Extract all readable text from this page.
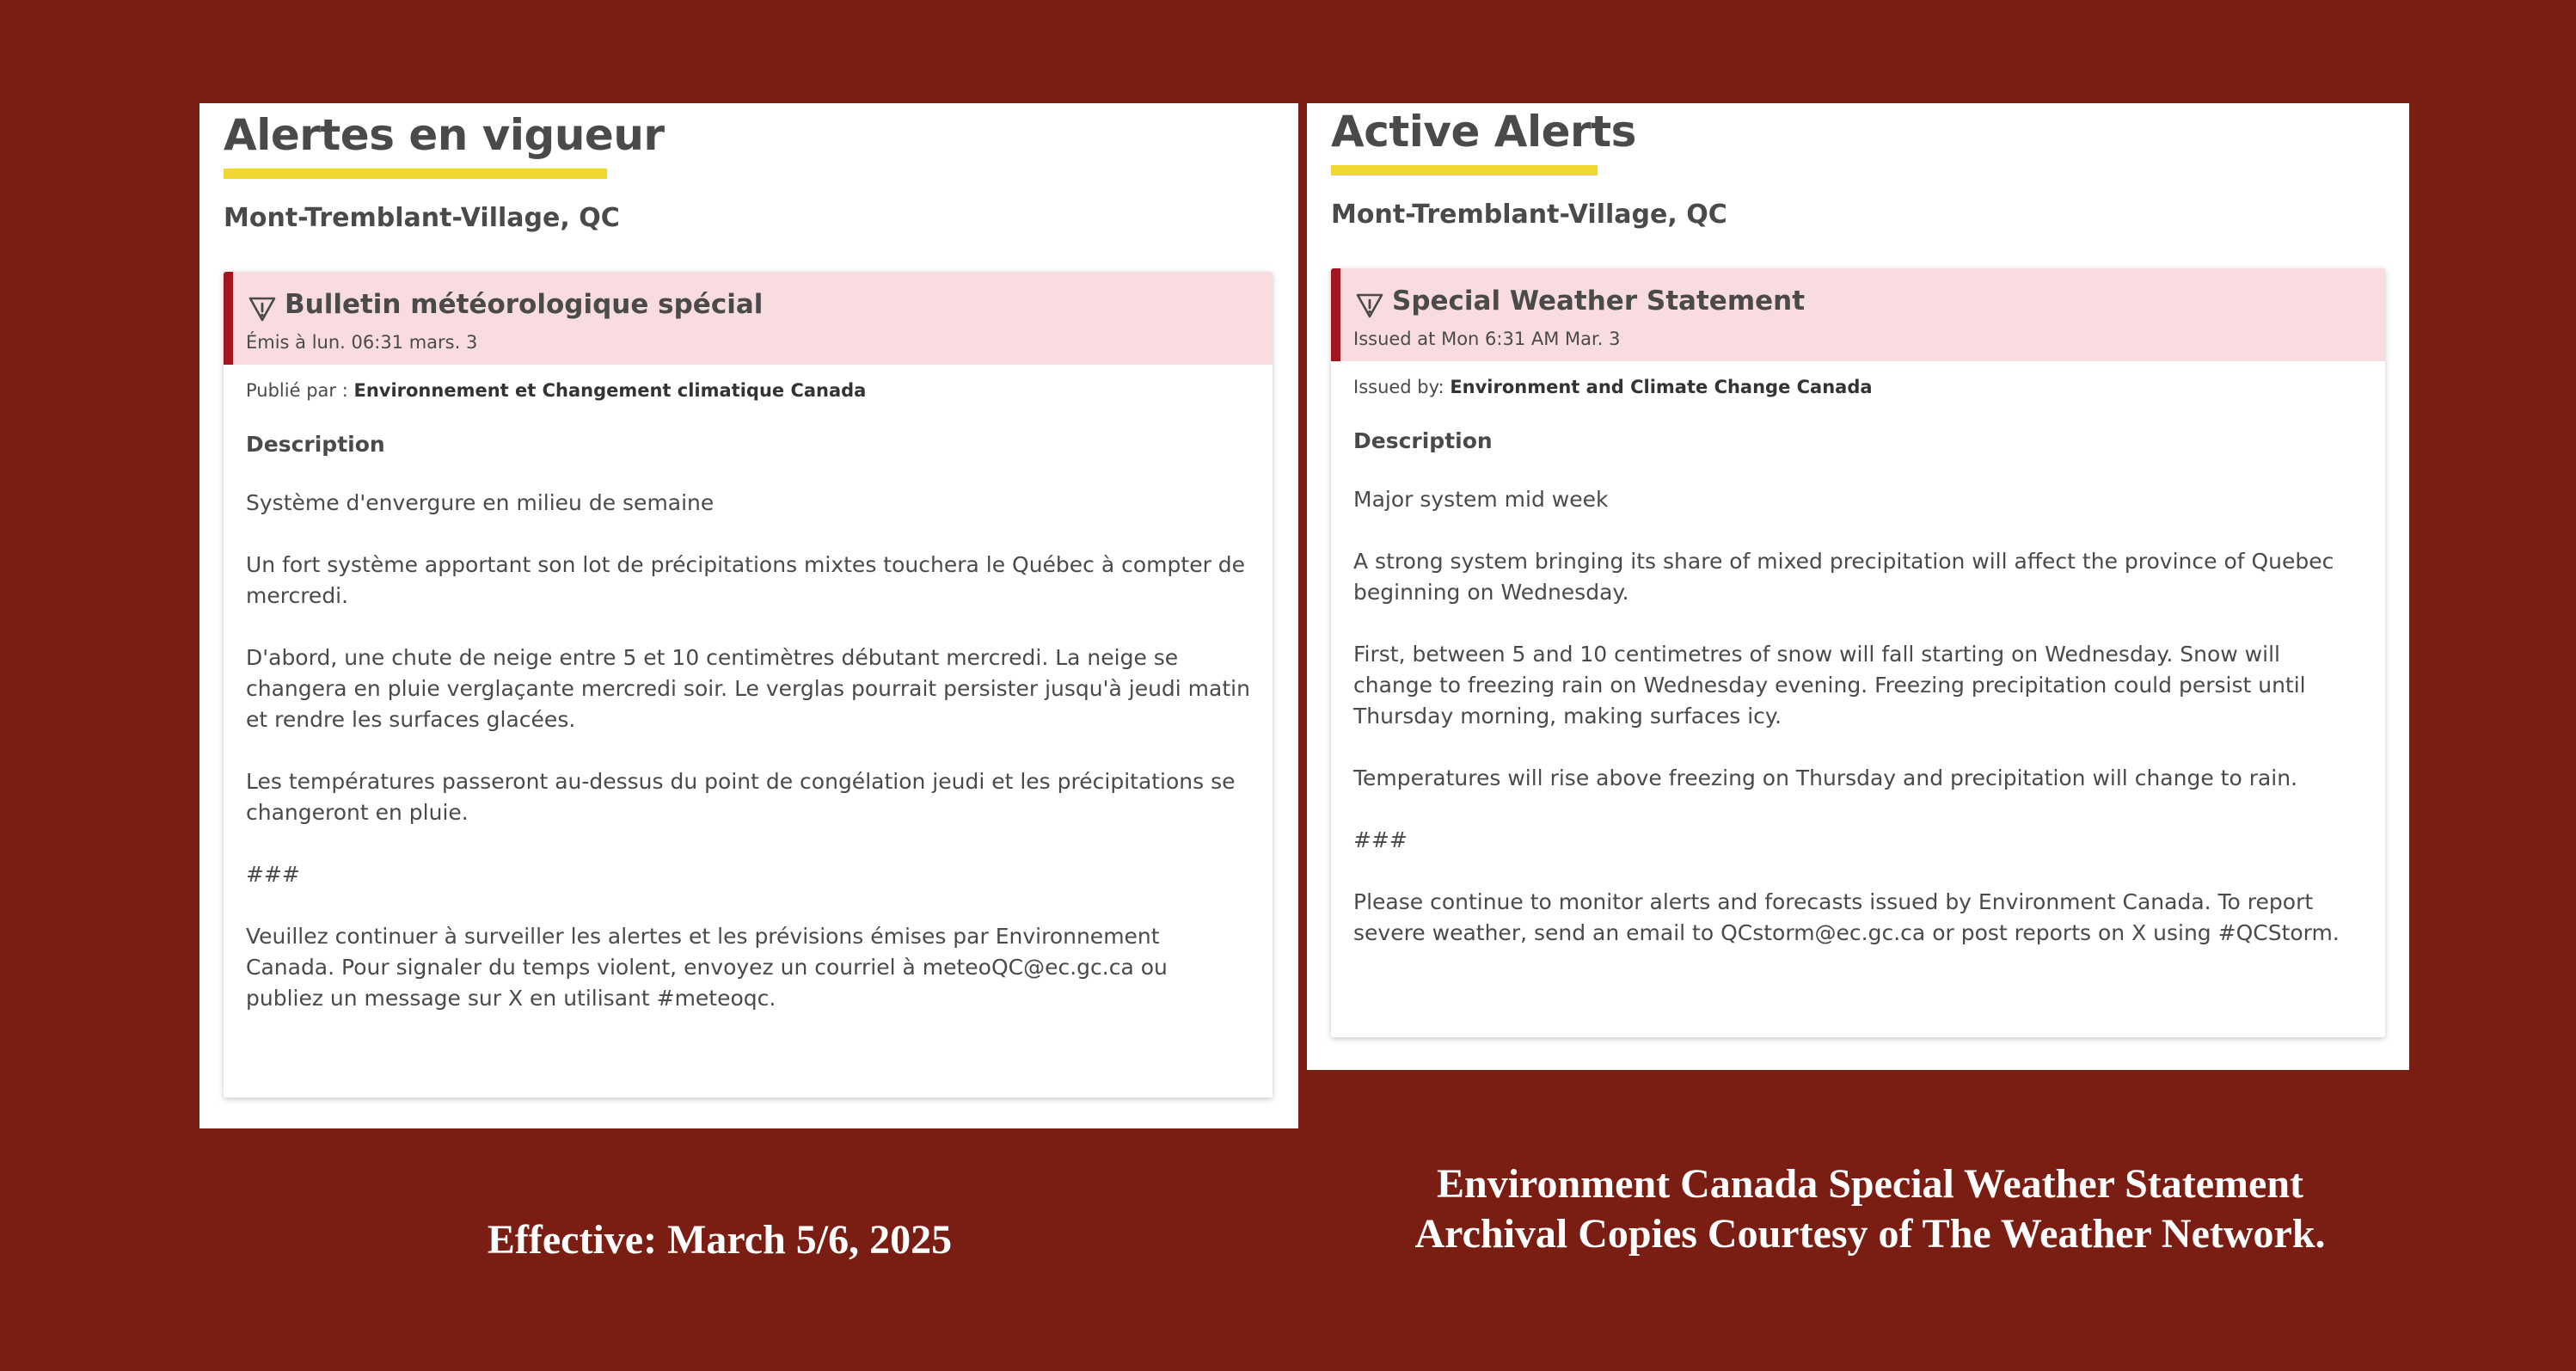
Alertes en vigueur
Mont-Tremblant-Village, QC
Bulletin météorologique spécial
Émis à lun. 06:31 mars. 3
Publié par : Environnement et Changement climatique Canada
Description

Système d'envergure en milieu de semaine

Un fort système apportant son lot de précipitations mixtes touchera le Québec à compter de mercredi.

D'abord, une chute de neige entre 5 et 10 centimètres débutant mercredi. La neige se changera en pluie verglaçante mercredi soir. Le verglas pourrait persister jusqu'à jeudi matin et rendre les surfaces glacées.

Les températures passeront au-dessus du point de congélation jeudi et les précipitations se changeront en pluie.

###

Veuillez continuer à surveiller les alertes et les prévisions émises par Environnement Canada. Pour signaler du temps violent, envoyez un courriel à meteoQC@ec.gc.ca ou publiez un message sur X en utilisant #meteoqc.

Active Alerts
Mont-Tremblant-Village, QC
Special Weather Statement
Issued at Mon 6:31 AM Mar. 3
Issued by: Environment and Climate Change Canada
Description

Major system mid week

A strong system bringing its share of mixed precipitation will affect the province of Quebec beginning on Wednesday.

First, between 5 and 10 centimetres of snow will fall starting on Wednesday. Snow will change to freezing rain on Wednesday evening. Freezing precipitation could persist until Thursday morning, making surfaces icy.

Temperatures will rise above freezing on Thursday and precipitation will change to rain.

###

Please continue to monitor alerts and forecasts issued by Environment Canada. To report severe weather, send an email to QCstorm@ec.gc.ca or post reports on X using #QCStorm.

Effective: March 5/6, 2025
Environment Canada Special Weather Statement
Archival Copies Courtesy of The Weather Network.
